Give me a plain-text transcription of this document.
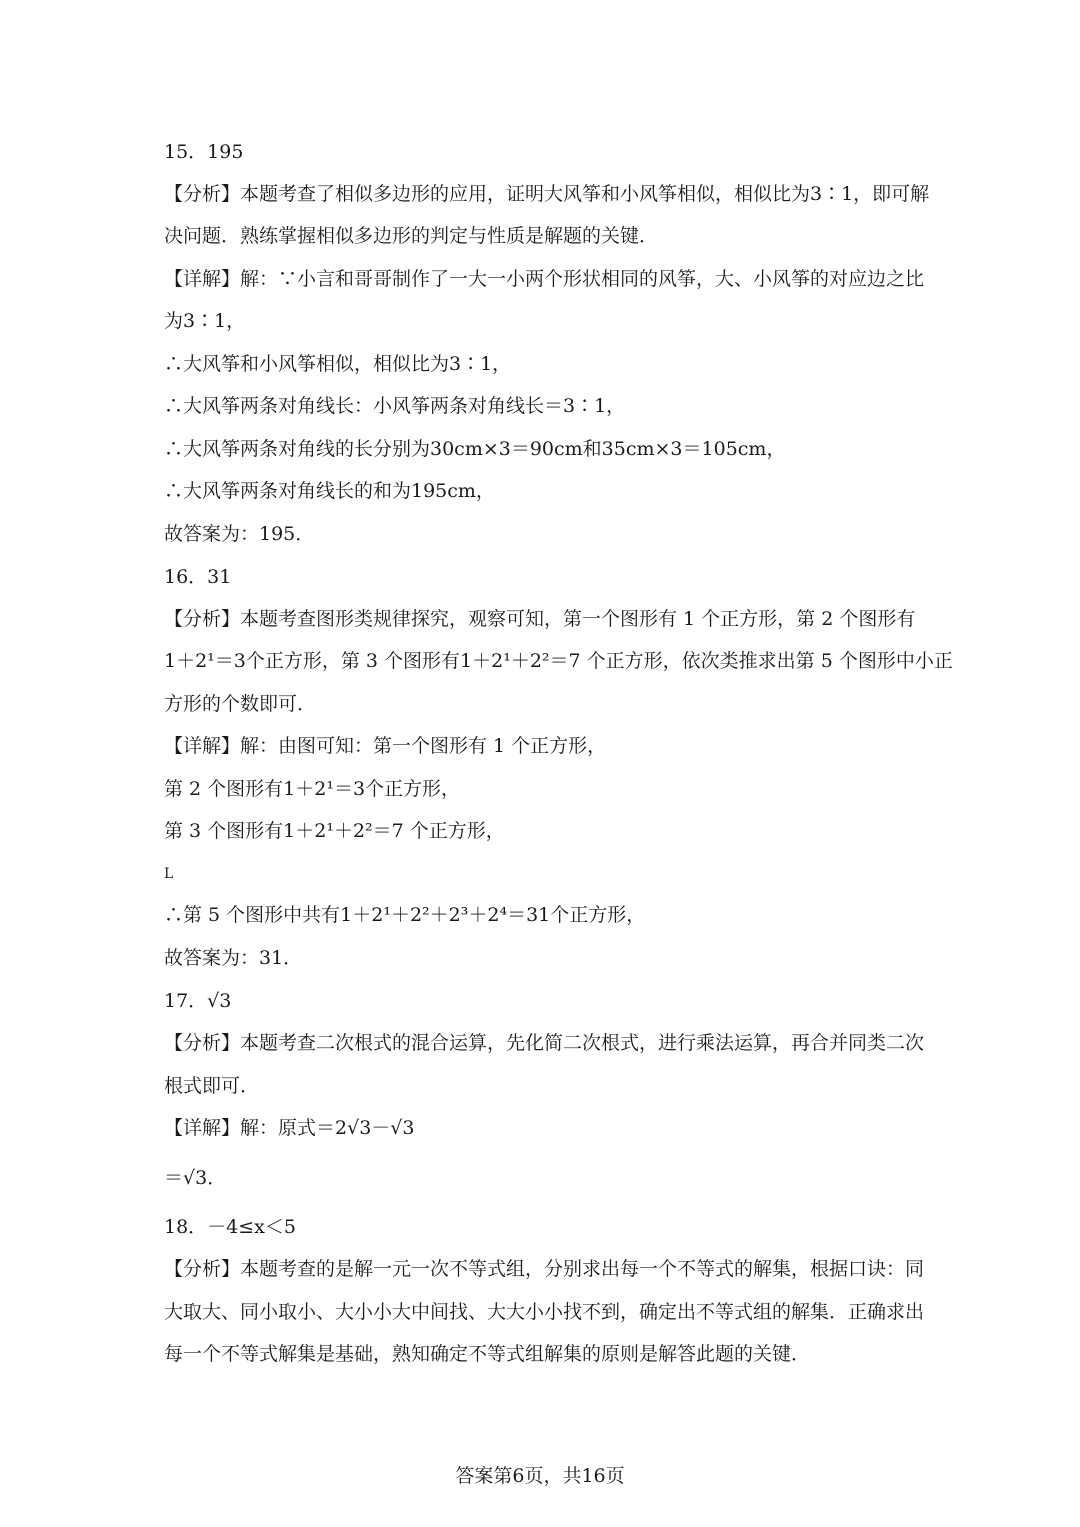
15．195
【分析】本题考查了相似多边形的应用，证明大风筝和小风筝相似，相似比为3∶1，即可解
决问题．熟练掌握相似多边形的判定与性质是解题的关键．
【详解】解：∵小言和哥哥制作了一大一小两个形状相同的风筝，大、小风筝的对应边之比
为3∶1，
∴大风筝和小风筝相似，相似比为3∶1，
∴大风筝两条对角线长：小风筝两条对角线长＝3∶1，
∴大风筝两条对角线的长分别为30cm×3＝90cm和35cm×3＝105cm，
∴大风筝两条对角线长的和为195cm，
故答案为：195．
16．31
【分析】本题考查图形类规律探究，观察可知，第一个图形有 1 个正方形，第 2 个图形有
1＋2¹＝3个正方形，第 3 个图形有1＋2¹＋2²＝7 个正方形，依次类推求出第 5 个图形中小正
方形的个数即可．
【详解】解：由图可知：第一个图形有 1 个正方形，
第 2 个图形有1＋2¹＝3个正方形，
第 3 个图形有1＋2¹＋2²＝7 个正方形，
L
∴第 5 个图形中共有1＋2¹＋2²＋2³＋2⁴＝31个正方形，
故答案为：31．
17．√3
【分析】本题考查二次根式的混合运算，先化简二次根式，进行乘法运算，再合并同类二次
根式即可．
【详解】解：原式＝2√3－√3
＝√3．
18．－4≤x＜5
【分析】本题考查的是解一元一次不等式组，分别求出每一个不等式的解集，根据口诀：同
大取大、同小取小、大小小大中间找、大大小小找不到，确定出不等式组的解集．正确求出
每一个不等式解集是基础，熟知确定不等式组解集的原则是解答此题的关键．
答案第6页，共16页
